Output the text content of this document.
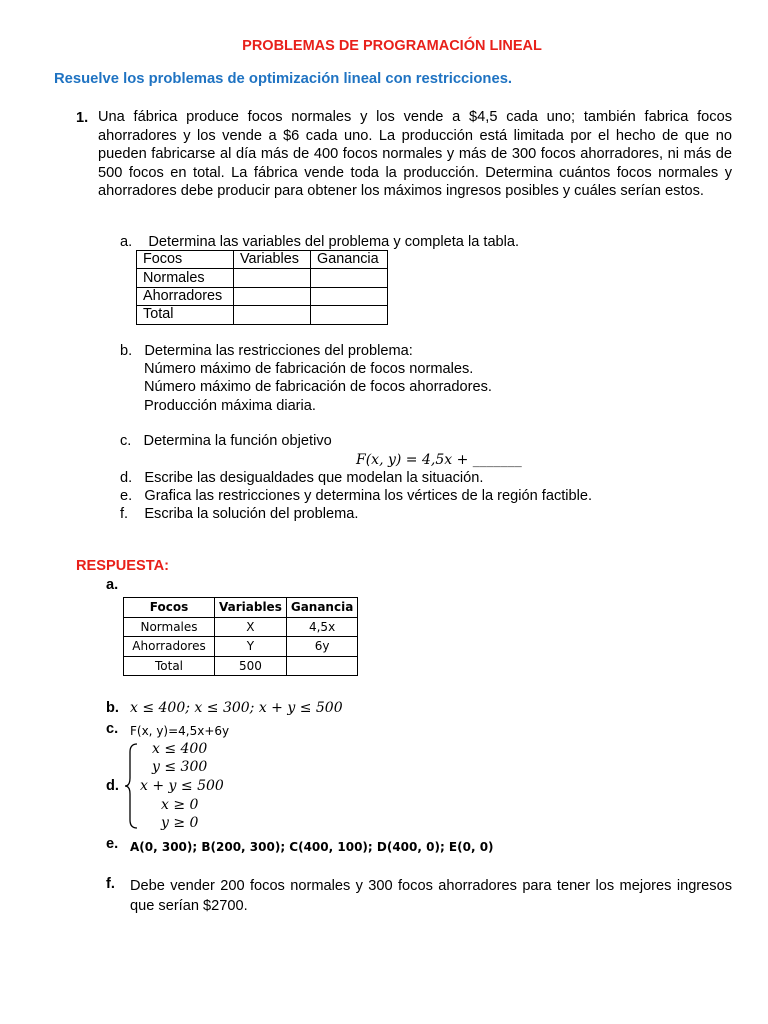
PROBLEMAS DE PROGRAMACIÓN LINEAL
Resuelve los problemas de optimización lineal con restricciones.
1. Una fábrica produce focos normales y los vende a $4,5 cada uno; también fabrica focos ahorradores y los vende a $6 cada uno. La producción está limitada por el hecho de que no pueden fabricarse al día más de 400 focos normales y más de 300 focos ahorradores, ni más de 500 focos en total. La fábrica vende toda la producción. Determina cuántos focos normales y ahorradores debe producir para obtener los máximos ingresos posibles y cuáles serían estos.
a. Determina las variables del problema y completa la tabla.
Focos	Variables	Ganancia
Normales		
Ahorradores		
Total		
b. Determina las restricciones del problema:
Número máximo de fabricación de focos normales.
Número máximo de fabricación de focos ahorradores.
Producción máxima diaria.
c. Determina la función objetivo
F(x, y) = 4,5x + _______
d. Escribe las desigualdades que modelan la situación.
e. Grafica las restricciones y determina los vértices de la región factible.
f. Escriba la solución del problema.
RESPUESTA:
a.
Focos	Variables	Ganancia
Normales	X	4,5x
Ahorradores	Y	6y
Total	500	
b. x ≤ 400; x ≤ 300; x + y ≤ 500
c. F(x, y)=4,5x+6y
d.
x ≤ 400
y ≤ 300
x + y ≤ 500
x ≥ 0
y ≥ 0
e. A(0, 300); B(200, 300); C(400, 100); D(400, 0); E(0, 0)
f. Debe vender 200 focos normales y 300 focos ahorradores para tener los mejores ingresos que serían $2700.
